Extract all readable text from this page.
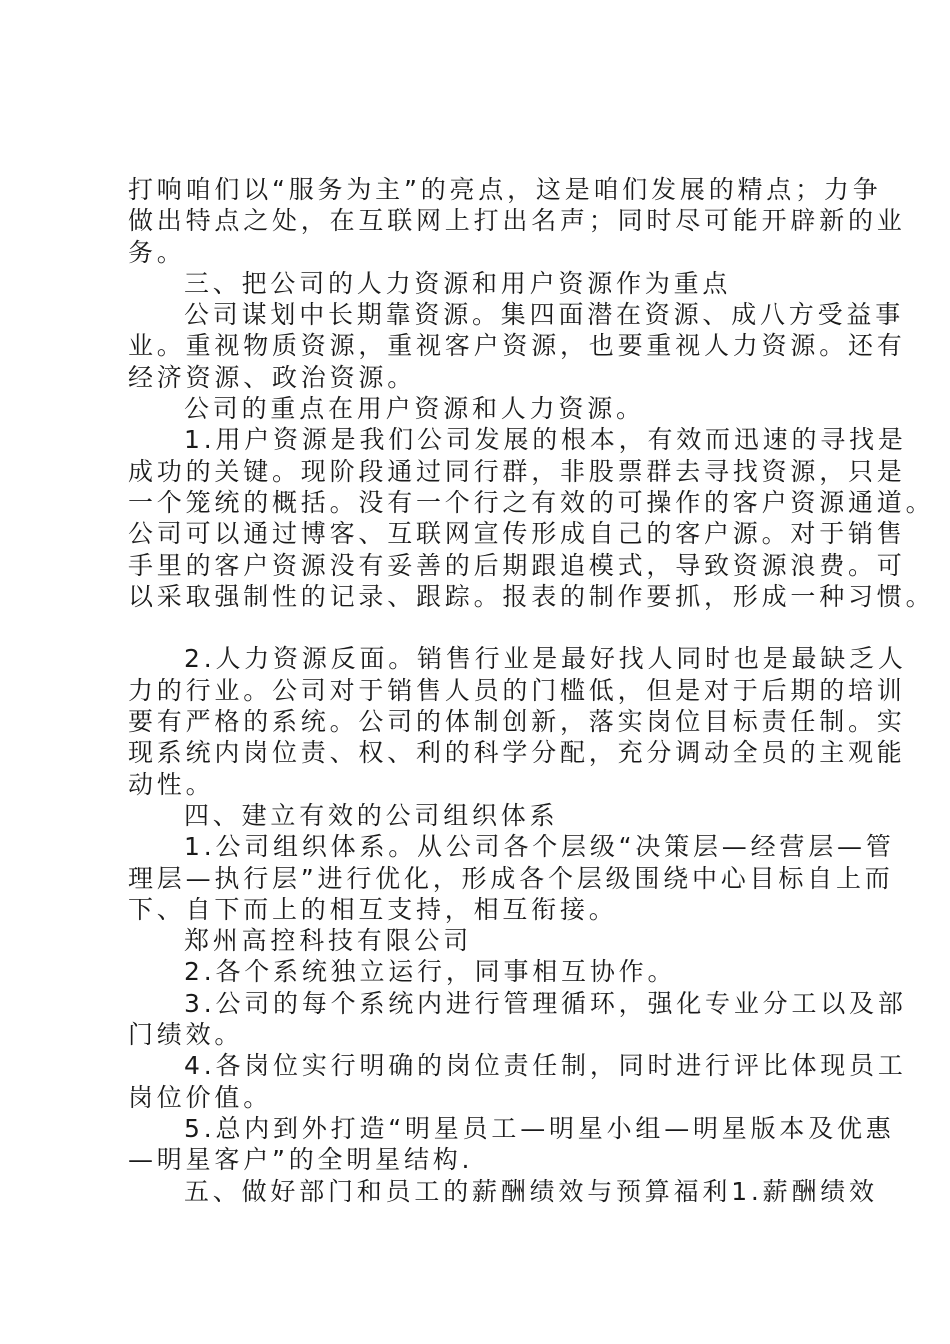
打响咱们以“服务为主”的亮点，这是咱们发展的精点；力争
做出特点之处，在互联网上打出名声；同时尽可能开辟新的业
务。
三、把公司的人力资源和用户资源作为重点
公司谋划中长期靠资源。集四面潜在资源、成八方受益事
业。重视物质资源，重视客户资源，也要重视人力资源。还有
经济资源、政治资源。
公司的重点在用户资源和人力资源。
1.用户资源是我们公司发展的根本，有效而迅速的寻找是
成功的关键。现阶段通过同行群，非股票群去寻找资源，只是
一个笼统的概括。没有一个行之有效的可操作的客户资源通道。
公司可以通过博客、互联网宣传形成自己的客户源。对于销售
手里的客户资源没有妥善的后期跟追模式，导致资源浪费。可
以采取强制性的记录、跟踪。报表的制作要抓，形成一种习惯。
2.人力资源反面。销售行业是最好找人同时也是最缺乏人
力的行业。公司对于销售人员的门槛低，但是对于后期的培训
要有严格的系统。公司的体制创新，落实岗位目标责任制。实
现系统内岗位责、权、利的科学分配，充分调动全员的主观能
动性。
四、建立有效的公司组织体系
1.公司组织体系。从公司各个层级“决策层—经营层—管
理层—执行层”进行优化，形成各个层级围绕中心目标自上而
下、自下而上的相互支持，相互衔接。
郑州高控科技有限公司
2.各个系统独立运行，同事相互协作。
3.公司的每个系统内进行管理循环，强化专业分工以及部
门绩效。
4.各岗位实行明确的岗位责任制，同时进行评比体现员工
岗位价值。
5.总内到外打造“明星员工—明星小组—明星版本及优惠
—明星客户”的全明星结构.
五、做好部门和员工的薪酬绩效与预算福利1.薪酬绩效
